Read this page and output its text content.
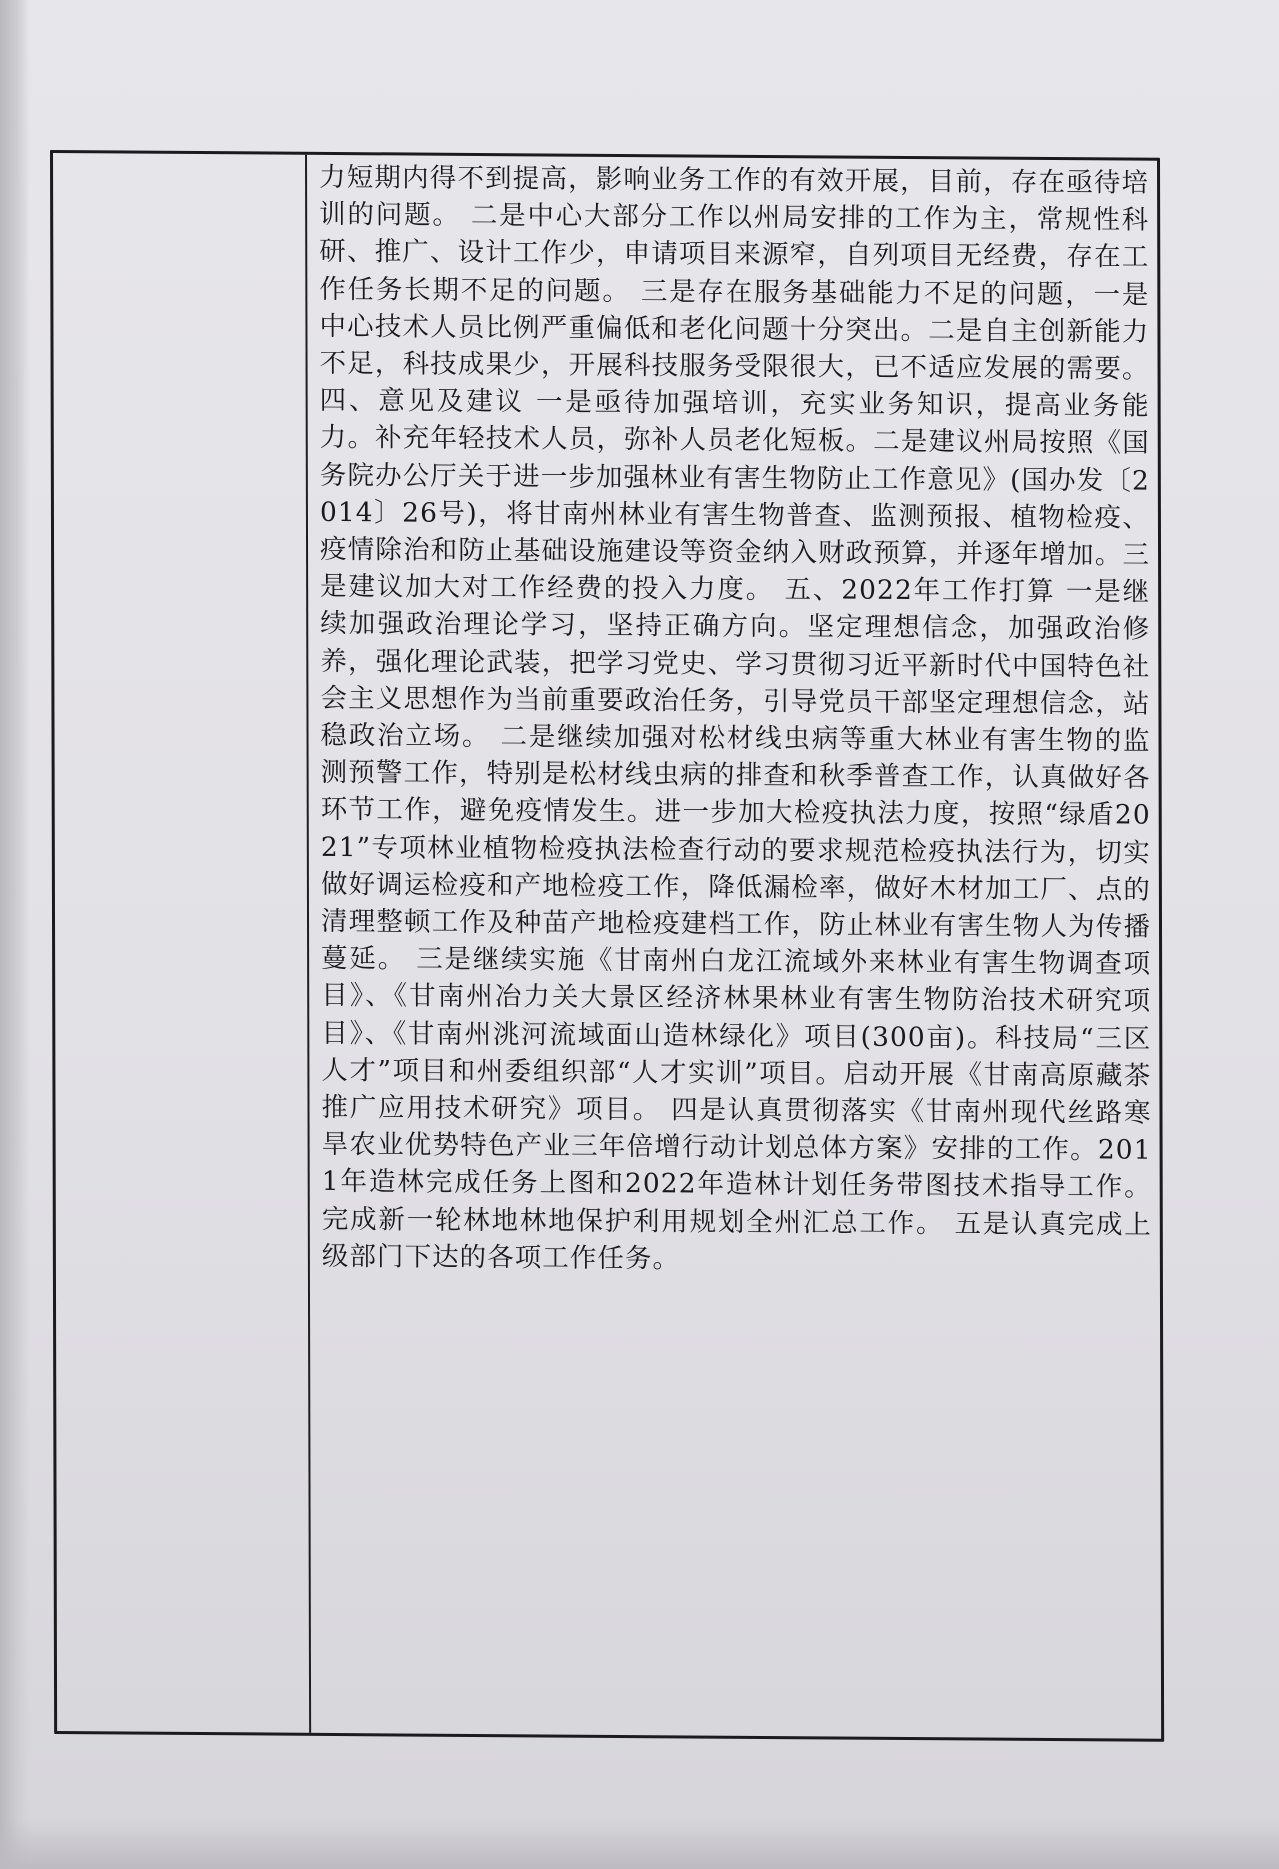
力短期内得不到提高，影响业务工作的有效开展，目前，存在亟待培训的问题。 二是中心大部分工作以州局安排的工作为主，常规性科研、推广、设计工作少，申请项目来源窄，自列项目无经费，存在工作任务长期不足的问题。 三是存在服务基础能力不足的问题，一是中心技术人员比例严重偏低和老化问题十分突出。二是自主创新能力不足，科技成果少，开展科技服务受限很大，已不适应发展的需要。 四、意见及建议 一是亟待加强培训，充实业务知识，提高业务能力。补充年轻技术人员，弥补人员老化短板。二是建议州局按照《国务院办公厅关于进一步加强林业有害生物防止工作意见》(国办发〔2014〕26号)，将甘南州林业有害生物普查、监测预报、植物检疫、疫情除治和防止基础设施建设等资金纳入财政预算，并逐年增加。三是建议加大对工作经费的投入力度。 五、2022年工作打算 一是继续加强政治理论学习，坚持正确方向。坚定理想信念，加强政治修养，强化理论武装，把学习党史、学习贯彻习近平新时代中国特色社会主义思想作为当前重要政治任务，引导党员干部坚定理想信念，站稳政治立场。 二是继续加强对松材线虫病等重大林业有害生物的监测预警工作，特别是松材线虫病的排查和秋季普查工作，认真做好各环节工作，避免疫情发生。进一步加大检疫执法力度，按照“绿盾2021”专项林业植物检疫执法检查行动的要求规范检疫执法行为，切实做好调运检疫和产地检疫工作，降低漏检率，做好木材加工厂、点的清理整顿工作及种苗产地检疫建档工作，防止林业有害生物人为传播蔓延。 三是继续实施《甘南州白龙江流域外来林业有害生物调查项目》、《甘南州冶力关大景区经济林果林业有害生物防治技术研究项目》、《甘南州洮河流域面山造林绿化》项目(300亩)。科技局“三区人才”项目和州委组织部“人才实训”项目。启动开展《甘南高原藏茶推广应用技术研究》项目。 四是认真贯彻落实《甘南州现代丝路寒旱农业优势特色产业三年倍增行动计划总体方案》安排的工作。2011年造林完成任务上图和2022年造林计划任务带图技术指导工作。完成新一轮林地林地保护利用规划全州汇总工作。 五是认真完成上级部门下达的各项工作任务。
